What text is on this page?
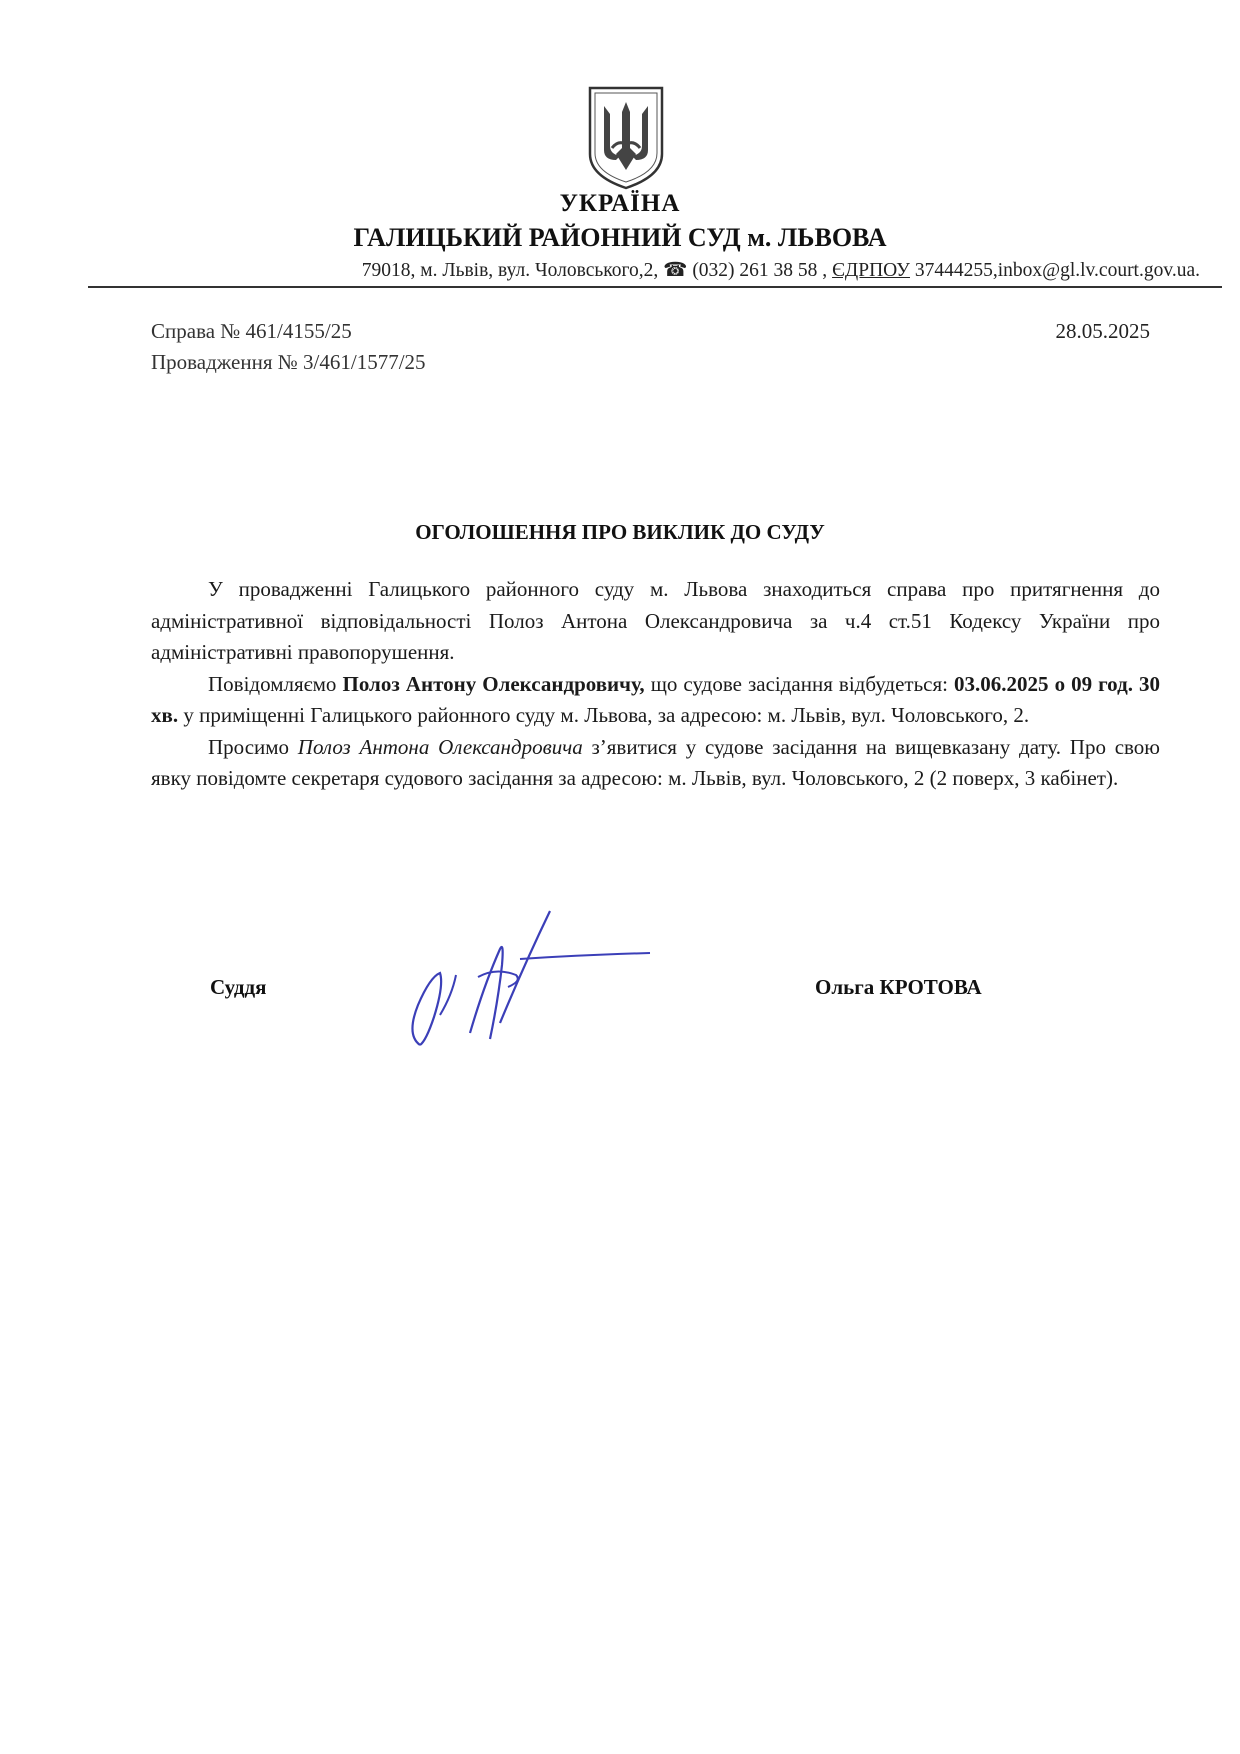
УКРАЇНА
ГАЛИЦЬКИЙ РАЙОННИЙ СУД м. ЛЬВОВА
79018, м. Львів, вул. Чоловського,2, ☎ (032) 261 38 58 , ЄДРПОУ 37444255,inbox@gl.lv.court.gov.ua.
Справа № 461/4155/25
Провадження № 3/461/1577/25
28.05.2025
ОГОЛОШЕННЯ ПРО ВИКЛИК ДО СУДУ

У провадженні Галицького районного суду м. Львова знаходиться справа про притягнення до адміністративної відповідальності Полоз Антона Олександровича за ч.4 ст.51 Кодексу України про адміністративні правопорушення.

Повідомляємо Полоз Антону Олександровичу, що судове засідання відбудеться: 03.06.2025 о 09 год. 30 хв. у приміщенні Галицького районного суду м. Львова, за адресою: м. Львів, вул. Чоловського, 2.

Просимо Полоз Антона Олександровича з’явитися у судове засідання на вищевказану дату. Про свою явку повідомте секретаря судового засідання за адресою: м. Львів, вул. Чоловського, 2 (2 поверх, 3 кабінет).

Суддя	Ольга КРОТОВА
